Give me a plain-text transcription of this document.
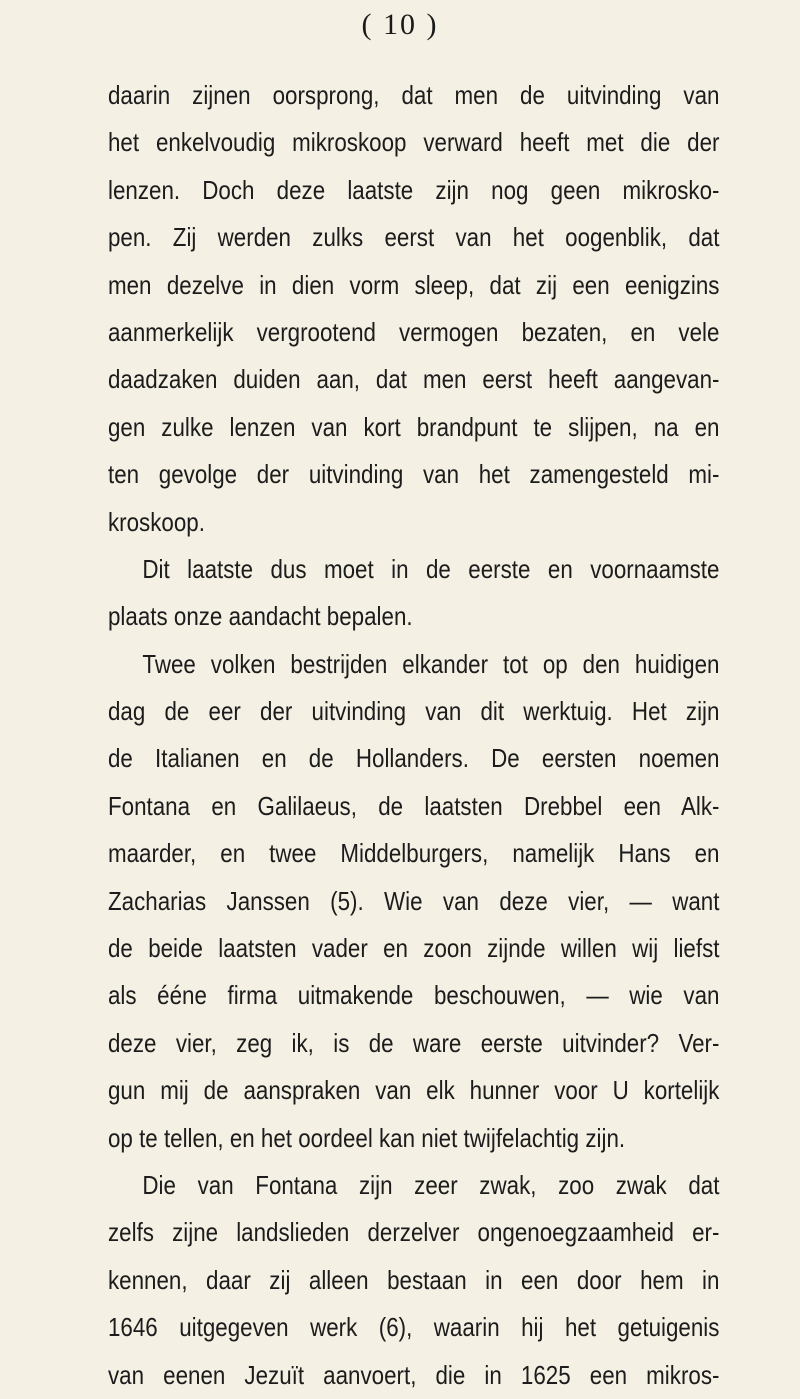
( 10 )
daarin zijnen oorsprong, dat men de uitvinding van
het enkelvoudig mikroskoop verward heeft met die der
lenzen. Doch deze laatste zijn nog geen mikrosko-
pen. Zij werden zulks eerst van het oogenblik, dat
men dezelve in dien vorm sleep, dat zij een eenigzins
aanmerkelijk vergrootend vermogen bezaten, en vele
daadzaken duiden aan, dat men eerst heeft aangevan-
gen zulke lenzen van kort brandpunt te slijpen, na en
ten gevolge der uitvinding van het zamengesteld mi-
kroskoop.
Dit laatste dus moet in de eerste en voornaamste
plaats onze aandacht bepalen.
Twee volken bestrijden elkander tot op den huidigen
dag de eer der uitvinding van dit werktuig. Het zijn
de Italianen en de Hollanders. De eersten noemen
Fontana en Galilaeus, de laatsten Drebbel een Alk-
maarder, en twee Middelburgers, namelijk Hans en
Zacharias Janssen (5). Wie van deze vier, — want
de beide laatsten vader en zoon zijnde willen wij liefst
als ééne firma uitmakende beschouwen, — wie van
deze vier, zeg ik, is de ware eerste uitvinder? Ver-
gun mij de aanspraken van elk hunner voor U kortelijk
op te tellen, en het oordeel kan niet twijfelachtig zijn.
Die van Fontana zijn zeer zwak, zoo zwak dat
zelfs zijne landslieden derzelver ongenoegzaamheid er-
kennen, daar zij alleen bestaan in een door hem in
1646 uitgegeven werk (6), waarin hij het getuigenis
van eenen Jezuït aanvoert, die in 1625 een mikros-
